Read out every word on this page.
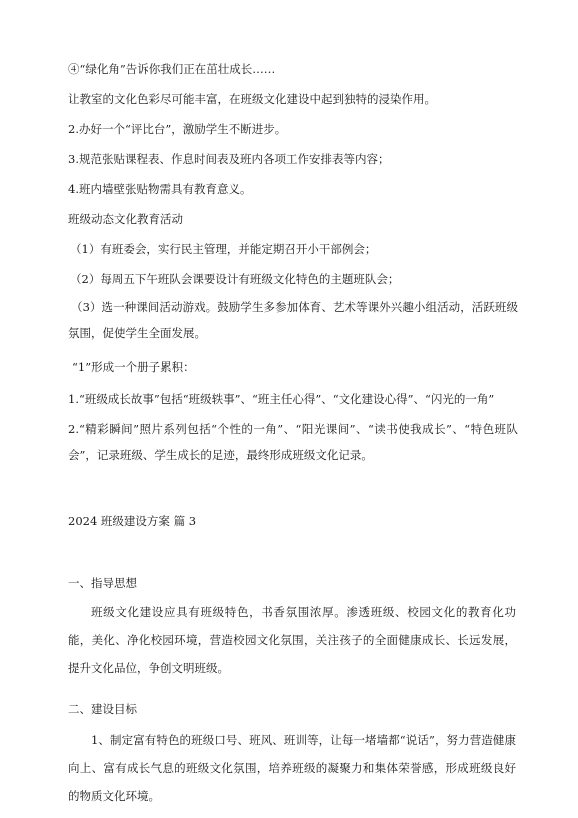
④“绿化角”告诉你我们正在茁壮成长……
让教室的文化色彩尽可能丰富，在班级文化建设中起到独特的浸染作用。
2.办好一个“评比台”，激励学生不断进步。
3.规范张贴课程表、作息时间表及班内各项工作安排表等内容；
4.班内墙壁张贴物需具有教育意义。
班级动态文化教育活动
（1）有班委会，实行民主管理，并能定期召开小干部例会；
（2）每周五下午班队会课要设计有班级文化特色的主题班队会；
（3）选一种课间活动游戏。鼓励学生多参加体育、艺术等课外兴趣小组活动，活跃班级氛围，促使学生全面发展。
“1”形成一个册子累积：
1.“班级成长故事”包括“班级轶事”、“班主任心得”、“文化建设心得”、“闪光的一角”
2.“精彩瞬间”照片系列包括“个性的一角”、“阳光课间”、“读书使我成长”、“特色班队会”，记录班级、学生成长的足迹，最终形成班级文化记录。
2024 班级建设方案 篇 3
一、指导思想
班级文化建设应具有班级特色，书香氛围浓厚。渗透班级、校园文化的教育化功能，美化、净化校园环境，营造校园文化氛围，关注孩子的全面健康成长、长远发展，提升文化品位，争创文明班级。
二、建设目标
1、制定富有特色的班级口号、班风、班训等，让每一堵墙都“说话”，努力营造健康向上、富有成长气息的班级文化氛围，培养班级的凝聚力和集体荣誉感，形成班级良好的物质文化环境。
